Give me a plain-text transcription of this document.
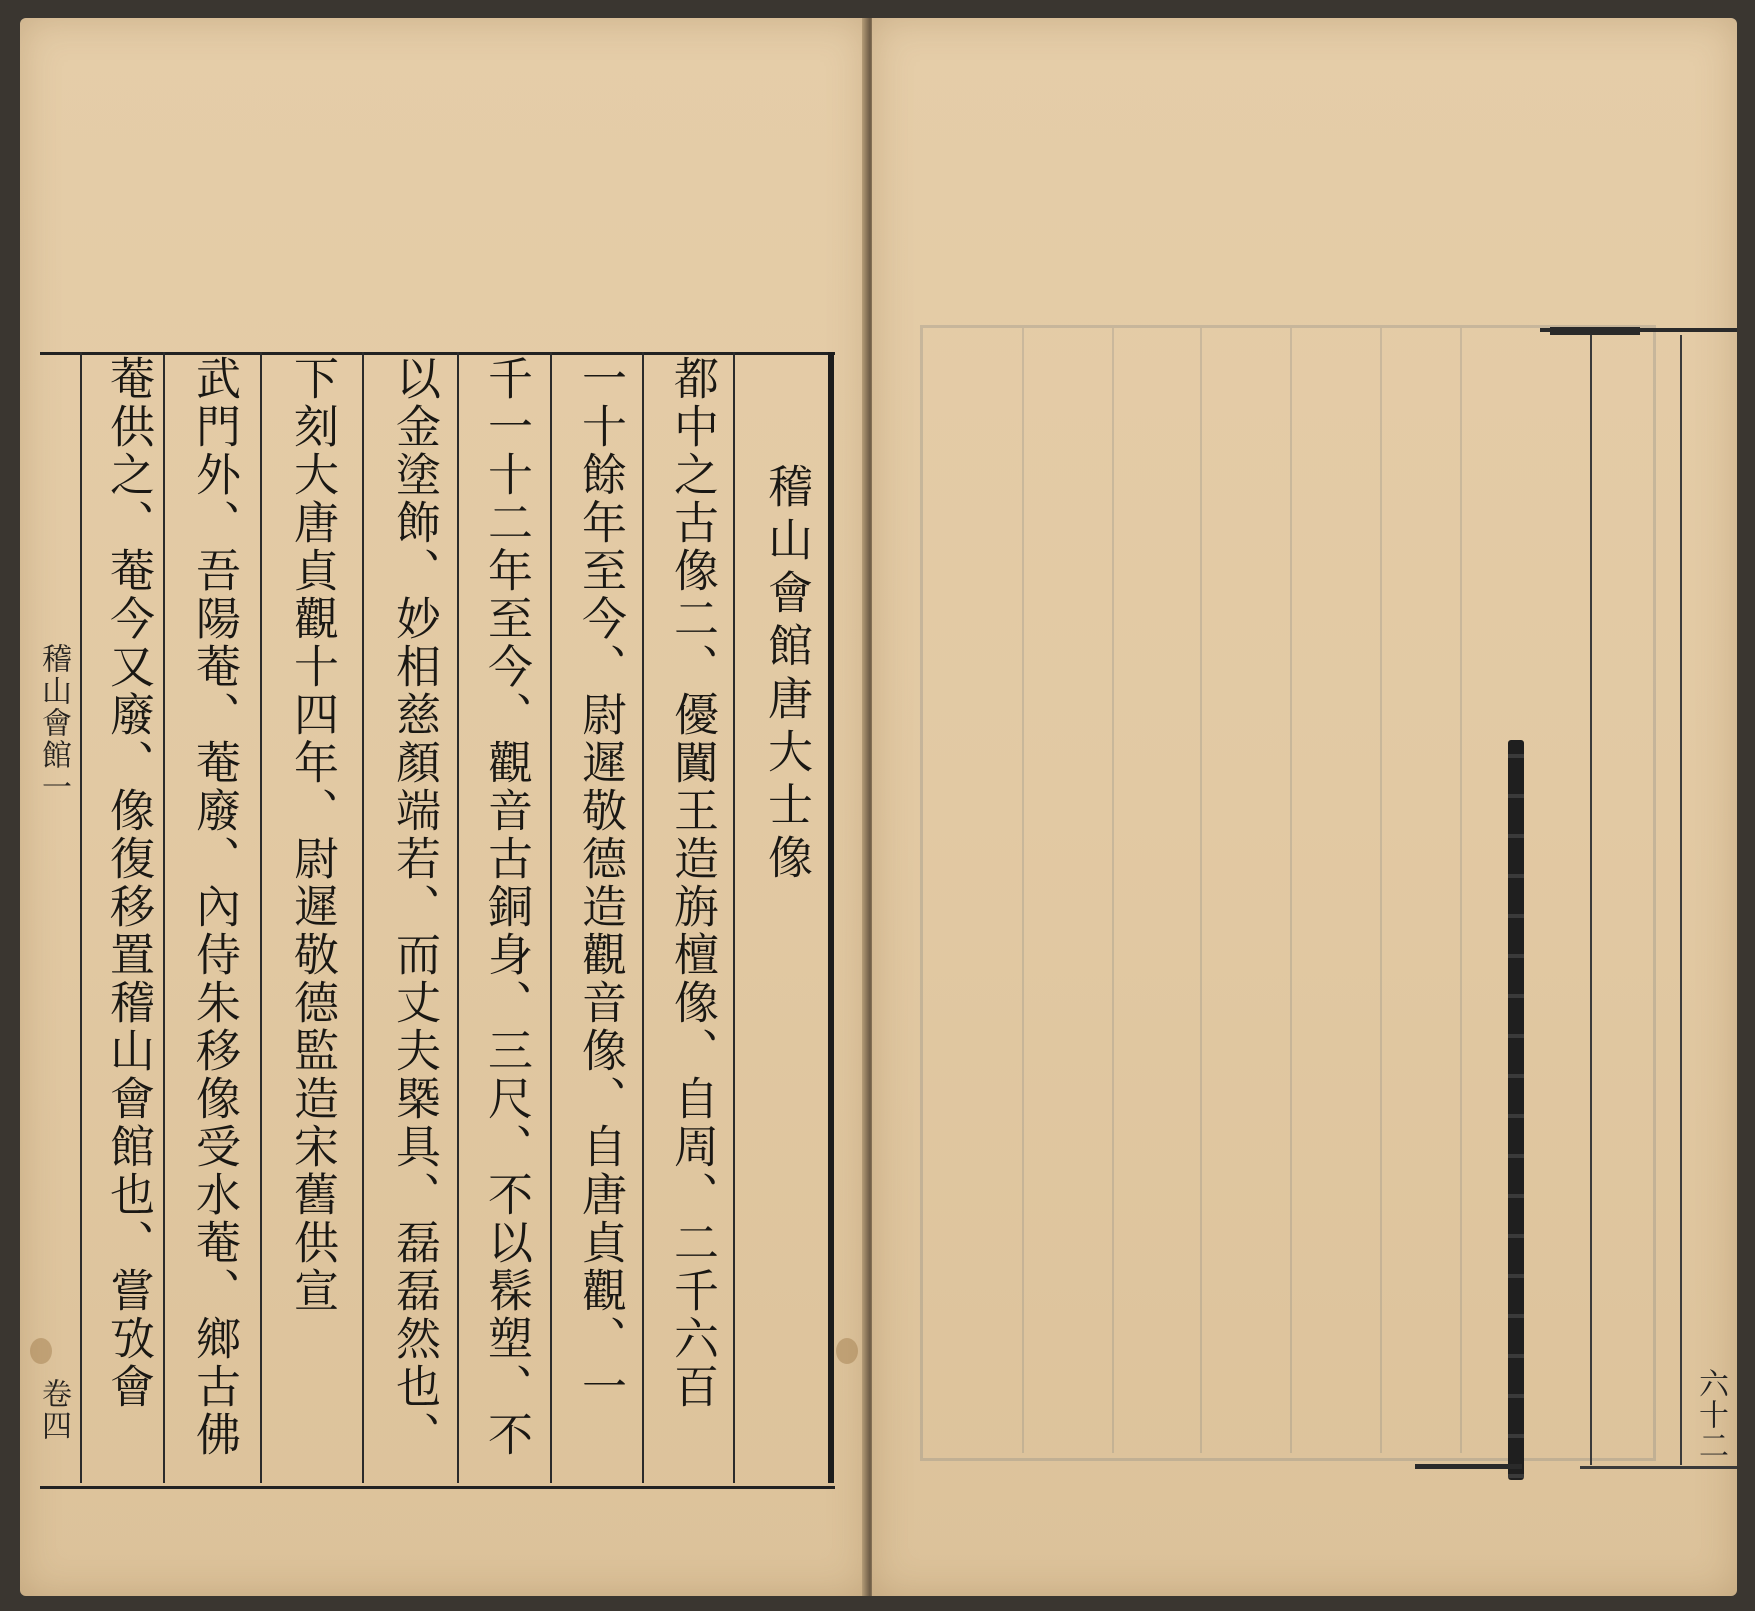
稽山會館唐大士像
都中之古像二、優闐王造旃檀像、自周、二千六百
一十餘年至今、尉遲敬德造觀音像、自唐貞觀、一
千一十二年至今、觀音古銅身、三尺、不以髹塑、不
以金塗飾、妙相慈顏端若、而丈夫槩具、磊磊然也、
下刻大唐貞觀十四年、尉遲敬德監造宋舊供宣
武門外、吾陽菴、菴廢、內侍朱移像受水菴、鄉古佛
菴供之、菴今又廢、像復移置稽山會館也、嘗攷會
稽山會館一
卷四	六十二
